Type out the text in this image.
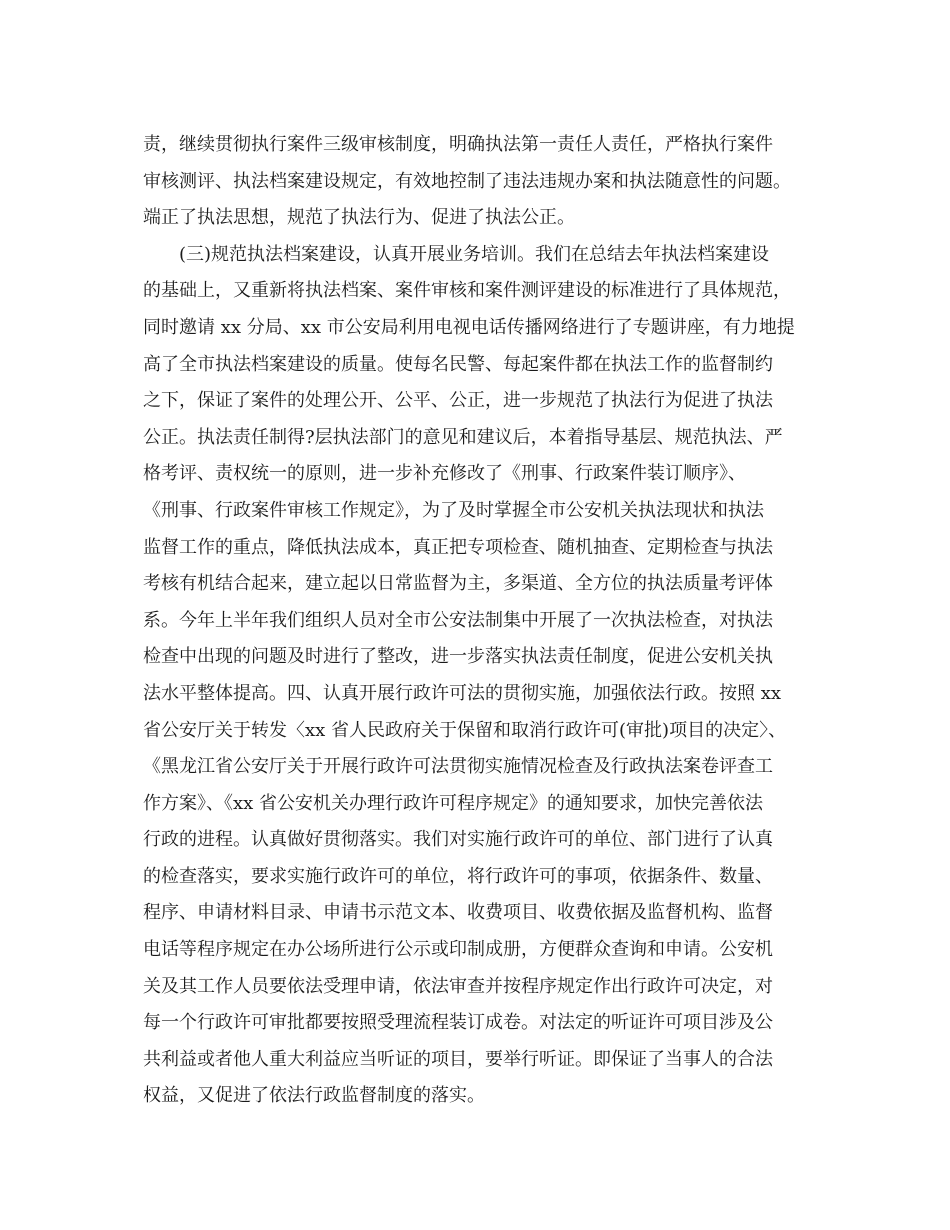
责，继续贯彻执行案件三级审核制度，明确执法第一责任人责任，严格执行案件
审核测评、执法档案建设规定，有效地控制了违法违规办案和执法随意性的问题。
端正了执法思想，规范了执法行为、促进了执法公正。
(三)规范执法档案建设，认真开展业务培训。我们在总结去年执法档案建设
的基础上，又重新将执法档案、案件审核和案件测评建设的标准进行了具体规范，
同时邀请 xx 分局、xx 市公安局利用电视电话传播网络进行了专题讲座，有力地提
高了全市执法档案建设的质量。使每名民警、每起案件都在执法工作的监督制约
之下，保证了案件的处理公开、公平、公正，进一步规范了执法行为促进了执法
公正。执法责任制得?层执法部门的意见和建议后，本着指导基层、规范执法、严
格考评、责权统一的原则，进一步补充修改了《刑事、行政案件装订顺序》、
《刑事、行政案件审核工作规定》，为了及时掌握全市公安机关执法现状和执法
监督工作的重点，降低执法成本，真正把专项检查、随机抽查、定期检查与执法
考核有机结合起来，建立起以日常监督为主，多渠道、全方位的执法质量考评体
系。今年上半年我们组织人员对全市公安法制集中开展了一次执法检查，对执法
检查中出现的问题及时进行了整改，进一步落实执法责任制度，促进公安机关执
法水平整体提高。四、认真开展行政许可法的贯彻实施，加强依法行政。按照 xx
省公安厅关于转发〈xx 省人民政府关于保留和取消行政许可(审批)项目的决定〉、
《黑龙江省公安厅关于开展行政许可法贯彻实施情况检查及行政执法案卷评查工
作方案》、《xx 省公安机关办理行政许可程序规定》的通知要求，加快完善依法
行政的进程。认真做好贯彻落实。我们对实施行政许可的单位、部门进行了认真
的检查落实，要求实施行政许可的单位，将行政许可的事项，依据条件、数量、
程序、申请材料目录、申请书示范文本、收费项目、收费依据及监督机构、监督
电话等程序规定在办公场所进行公示或印制成册，方便群众查询和申请。公安机
关及其工作人员要依法受理申请，依法审查并按程序规定作出行政许可决定，对
每一个行政许可审批都要按照受理流程装订成卷。对法定的听证许可项目涉及公
共利益或者他人重大利益应当听证的项目，要举行听证。即保证了当事人的合法
权益，又促进了依法行政监督制度的落实。
